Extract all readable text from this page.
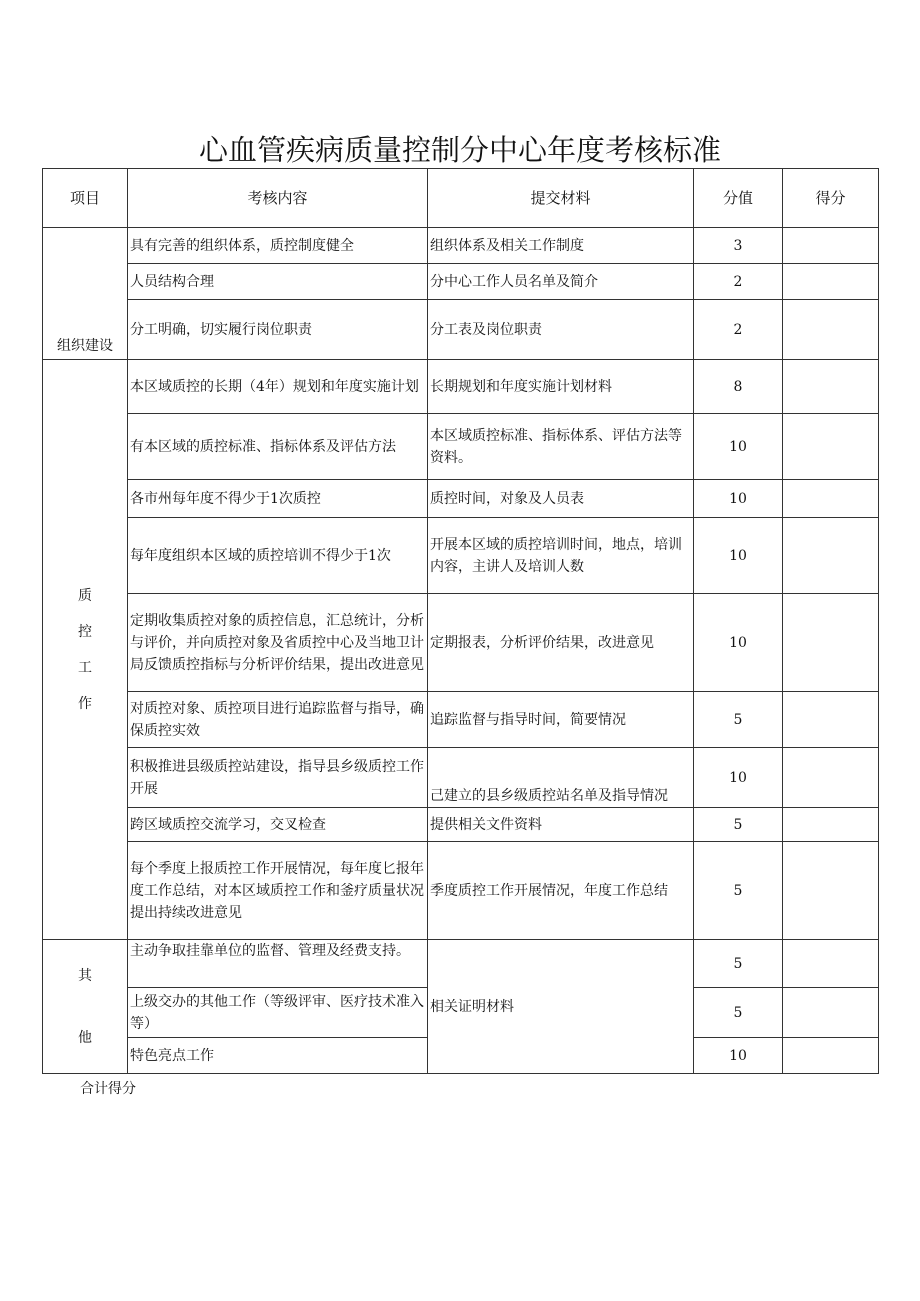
心血管疾病质量控制分中心年度考核标准
项目	考核内容	提交材料	分值	得分
组织建设	具有完善的组织体系，质控制度健全	组织体系及相关工作制度	3	
	人员结构合理	分中心工作人员名单及简介	2	
	分工明确，切实履行岗位职责	分工表及岗位职责	2	
质控工作	本区域质控的长期（4年）规划和年度实施计划	长期规划和年度实施计划材料	8	
	有本区域的质控标准、指标体系及评估方法	本区域质控标准、指标体系、评估方法等资料。	10	
	各市州每年度不得少于1次质控	质控时间，对象及人员表	10	
	每年度组织本区域的质控培训不得少于1次	开展本区域的质控培训时间，地点，培训内容，主讲人及培训人数	10	
	定期收集质控对象的质控信息，汇总统计，分析与评价，并向质控对象及省质控中心及当地卫计局反馈质控指标与分析评价结果，提出改进意见	定期报表，分析评价结果，改进意见	10	
	对质控对象、质控项目进行追踪监督与指导，确保质控实效	追踪监督与指导时间，简要情况	5	
	积极推进县级质控站建设，指导县乡级质控工作开展	己建立的县乡级质控站名单及指导情况	10	
	跨区域质控交流学习，交叉检查	提供相关文件资料	5	
	每个季度上报质控工作开展情况，每年度匕报年度工作总结，对本区域质控工作和釜疗质量状况提出持续改进意见	季度质控工作开展情况，年度工作总结	5	
其他	主动争取挂靠单位的监督、管理及经费支持。	相关证明材料	5	
	上级交办的其他工作（等级评审、医疗技术准入等）		5	
	特色亮点工作		10	
合计得分
